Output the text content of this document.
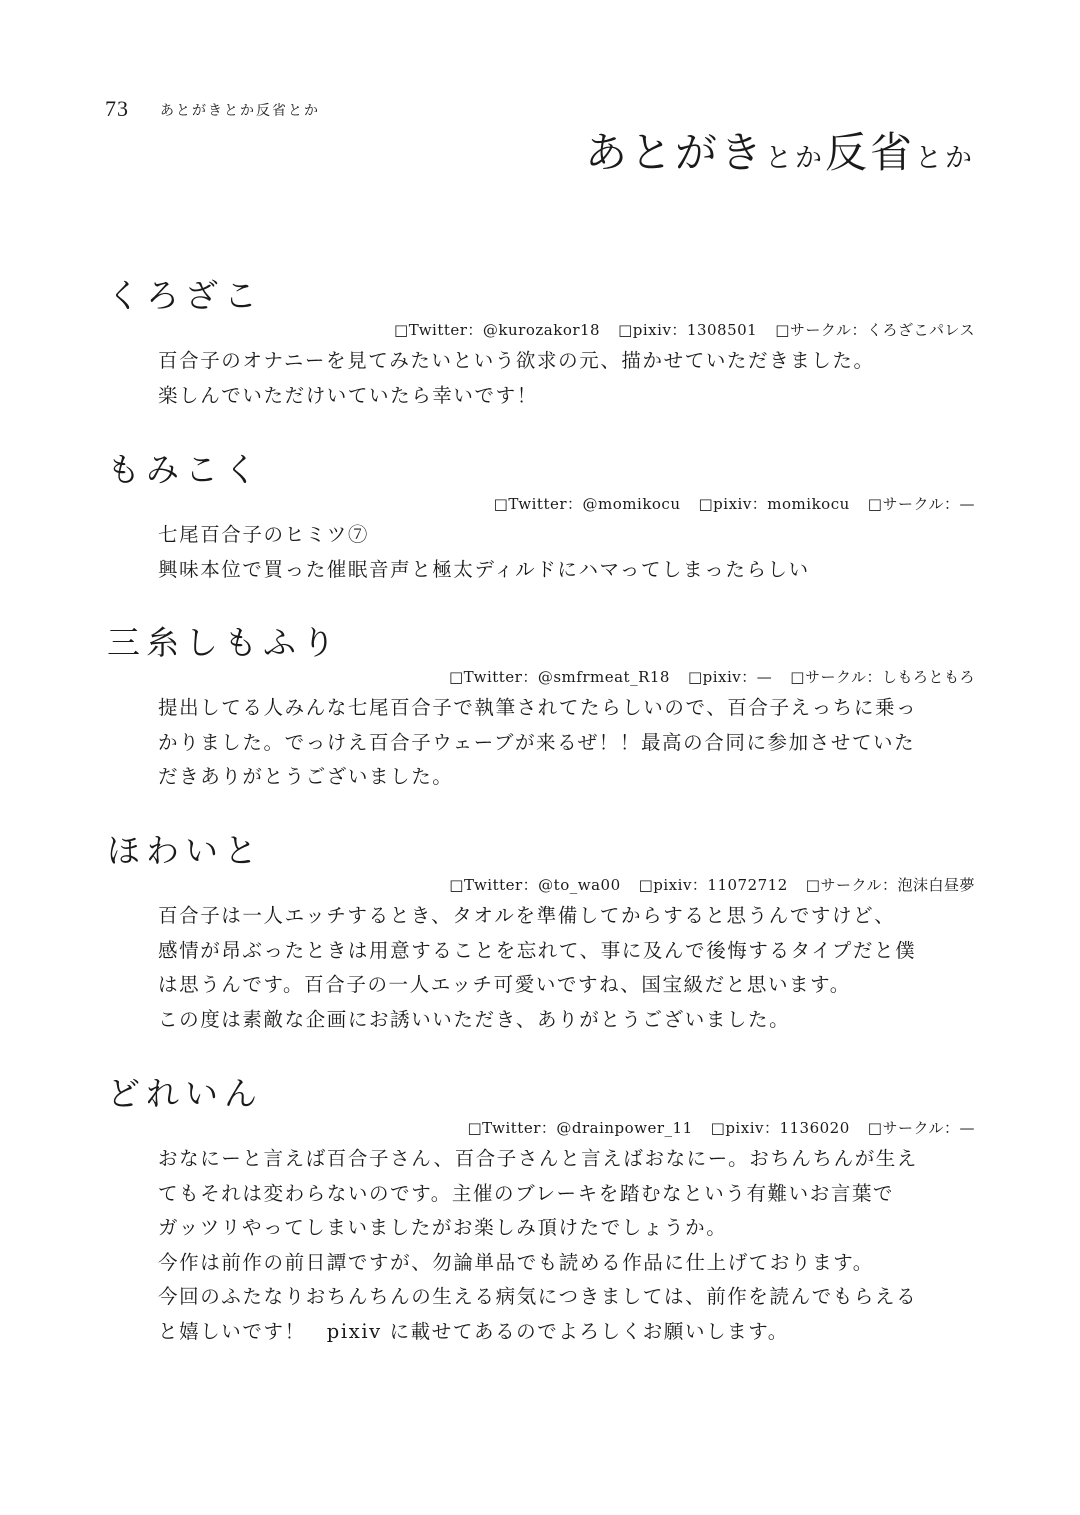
73 あとがきとか反省とか
あとがきとか反省とか
くろざこ
□Twitter：@kurozakor18 □pixiv：1308501 □サークル：くろざこパレス
百合子のオナニーを見てみたいという欲求の元、描かせていただきました。
楽しんでいただけいていたら幸いです！
もみこく
□Twitter：@momikocu □pixiv：momikocu □サークル：—
七尾百合子のヒミツ⑦
興味本位で買った催眠音声と極太ディルドにハマってしまったらしい
三糸しもふり
□Twitter：@smfrmeat_R18 □pixiv：— □サークル：しもろともろ
提出してる人みんな七尾百合子で執筆されてたらしいので、百合子えっちに乗っ
かりました。でっけえ百合子ウェーブが来るぜ！！最高の合同に参加させていた
だきありがとうございました。
ほわいと
□Twitter：@to_wa00 □pixiv：11072712 □サークル：泡沫白昼夢
百合子は一人エッチするとき、タオルを準備してからすると思うんですけど、
感情が昂ぶったときは用意することを忘れて、事に及んで後悔するタイプだと僕
は思うんです。百合子の一人エッチ可愛いですね、国宝級だと思います。
この度は素敵な企画にお誘いいただき、ありがとうございました。
どれいん
□Twitter：@drainpower_11 □pixiv：1136020 □サークル：—
おなにーと言えば百合子さん、百合子さんと言えばおなにー。おちんちんが生え
てもそれは変わらないのです。主催のブレーキを踏むなという有難いお言葉で
ガッツリやってしまいましたがお楽しみ頂けたでしょうか。
今作は前作の前日譚ですが、勿論単品でも読める作品に仕上げております。
今回のふたなりおちんちんの生える病気につきましては、前作を読んでもらえる
と嬉しいです！　pixiv に載せてあるのでよろしくお願いします。
